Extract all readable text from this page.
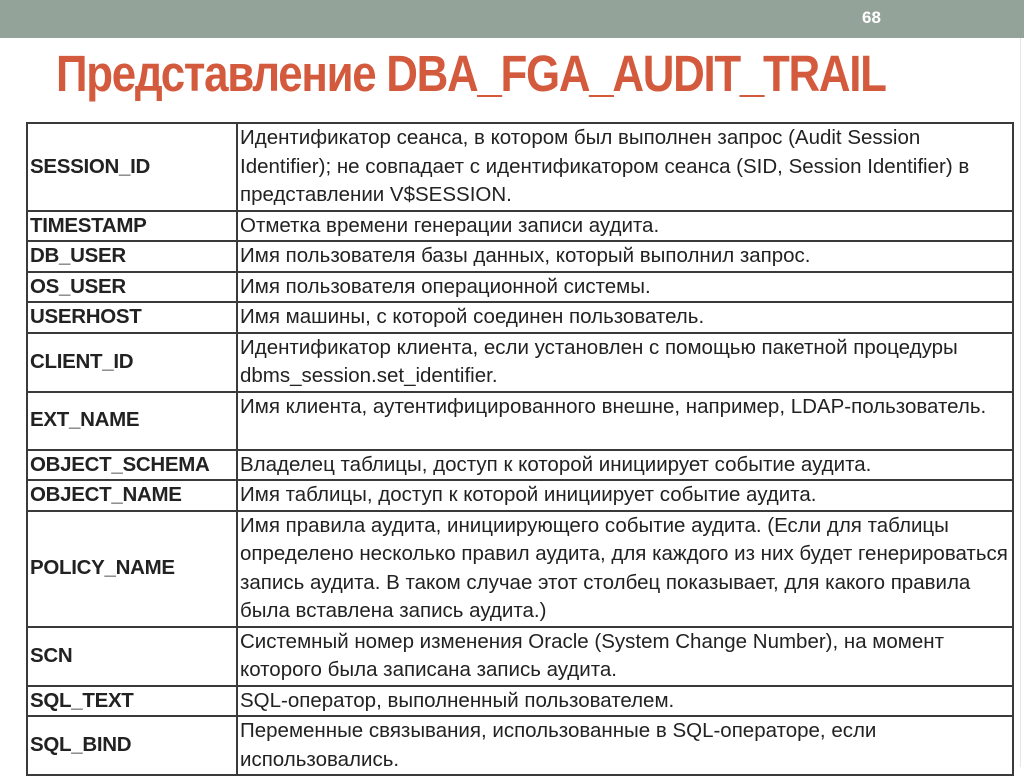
68
Представление DBA_FGA_AUDIT_TRAIL
SESSION_ID	Идентификатор сеанса, в котором был выполнен запрос (Audit Session Identifier); не совпадает с идентификатором сеанса (SID, Session Identifier) в представлении V$SESSION.
TIMESTAMP	Отметка времени генерации записи аудита.
DB_USER	Имя пользователя базы данных, который выполнил запрос.
OS_USER	Имя пользователя операционной системы.
USERHOST	Имя машины, с которой соединен пользователь.
CLIENT_ID	Идентификатор клиента, если установлен с помощью пакетной процедуры dbms_session.set_identifier.
EXT_NAME	Имя клиента, аутентифицированного внешне, например, LDAP-пользователь.
OBJECT_SCHEMA	Владелец таблицы, доступ к которой инициирует событие аудита.
OBJECT_NAME	Имя таблицы, доступ к которой инициирует событие аудита.
POLICY_NAME	Имя правила аудита, инициирующего событие аудита. (Если для таблицы определено несколько правил аудита, для каждого из них будет генерироваться запись аудита. В таком случае этот столбец показывает, для какого правила была вставлена запись аудита.)
SCN	Системный номер изменения Oracle (System Change Number), на момент которого была записана запись аудита.
SQL_TEXT	SQL-оператор, выполненный пользователем.
SQL_BIND	Переменные связывания, использованные в SQL-операторе, если использовались.
